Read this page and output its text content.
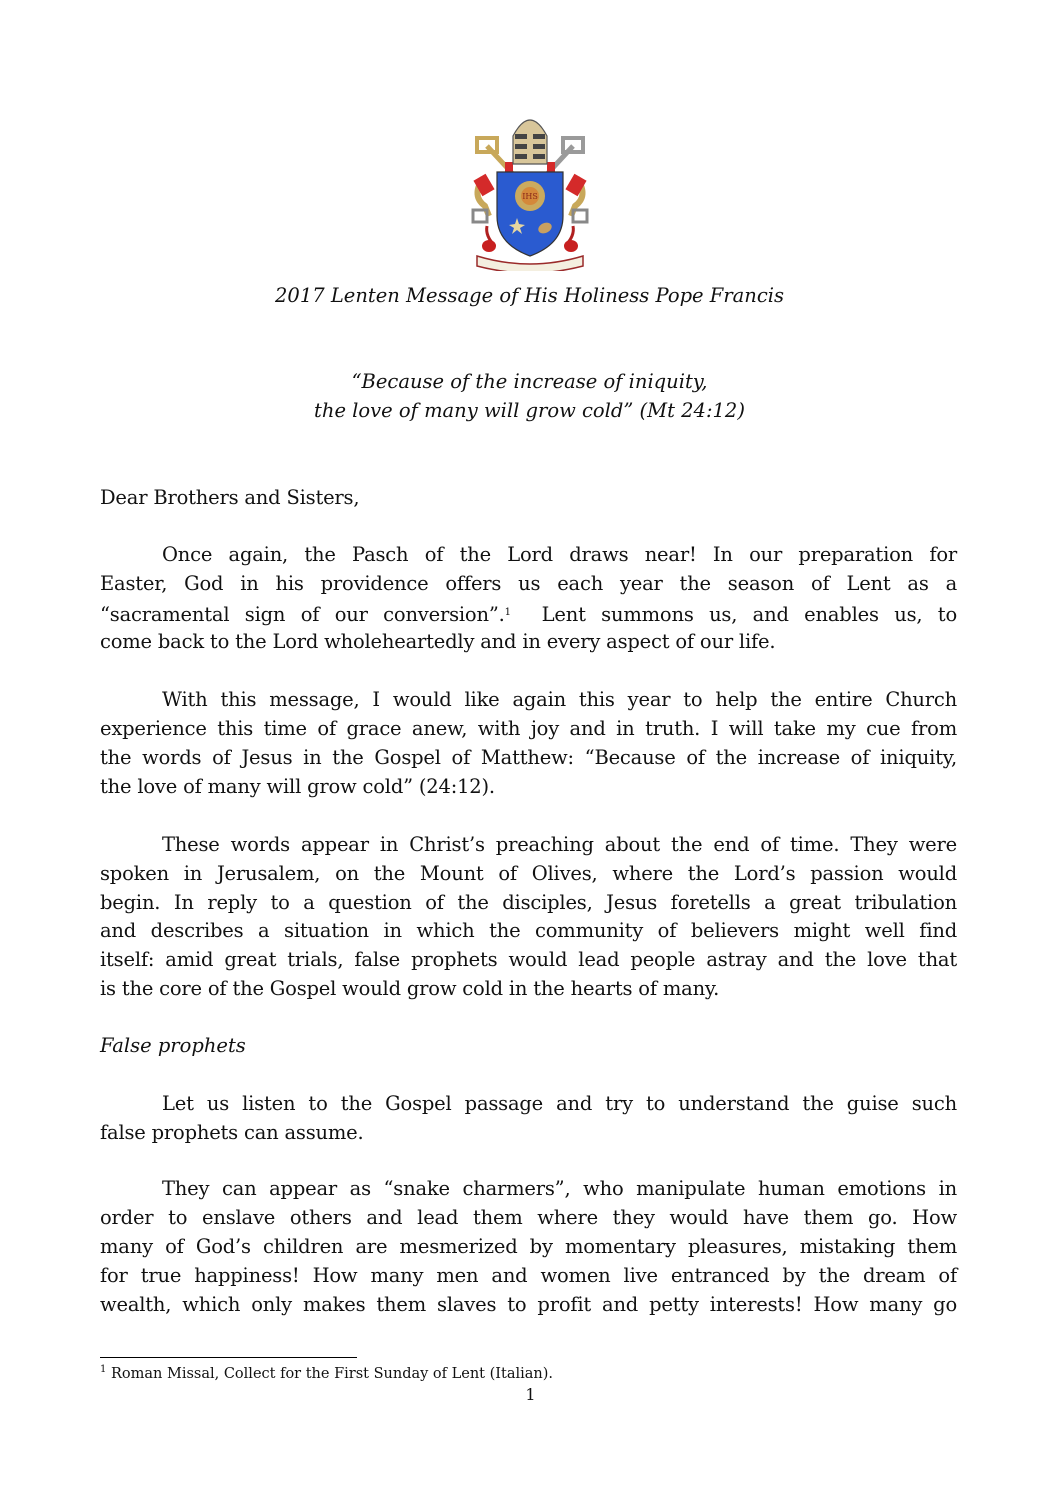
IHS
2017 Lenten Message of His Holiness Pope Francis
“Because of the increase of iniquity,
the love of many will grow cold” (Mt 24:12)
Dear Brothers and Sisters,
Once again, the Pasch of the Lord draws near! In our preparation for
Easter, God in his providence offers us each year the season of Lent as a
“sacramental sign of our conversion”.$^1$  Lent summons us, and enables us, to
come back to the Lord wholeheartedly and in every aspect of our life.
With this message, I would like again this year to help the entire Church
experience this time of grace anew, with joy and in truth. I will take my cue from
the words of Jesus in the Gospel of Matthew: “Because of the increase of iniquity,
the love of many will grow cold” (24:12).
These words appear in Christ’s preaching about the end of time. They were
spoken in Jerusalem, on the Mount of Olives, where the Lord’s passion would
begin. In reply to a question of the disciples, Jesus foretells a great tribulation
and describes a situation in which the community of believers might well find
itself: amid great trials, false prophets would lead people astray and the love that
is the core of the Gospel would grow cold in the hearts of many.
False prophets
Let us listen to the Gospel passage and try to understand the guise such
false prophets can assume.
They can appear as “snake charmers”, who manipulate human emotions in
order to enslave others and lead them where they would have them go. How
many of God’s children are mesmerized by momentary pleasures, mistaking them
for true happiness! How many men and women live entranced by the dream of
wealth, which only makes them slaves to profit and petty interests! How many go
$^1$ Roman Missal, Collect for the First Sunday of Lent (Italian).
1
